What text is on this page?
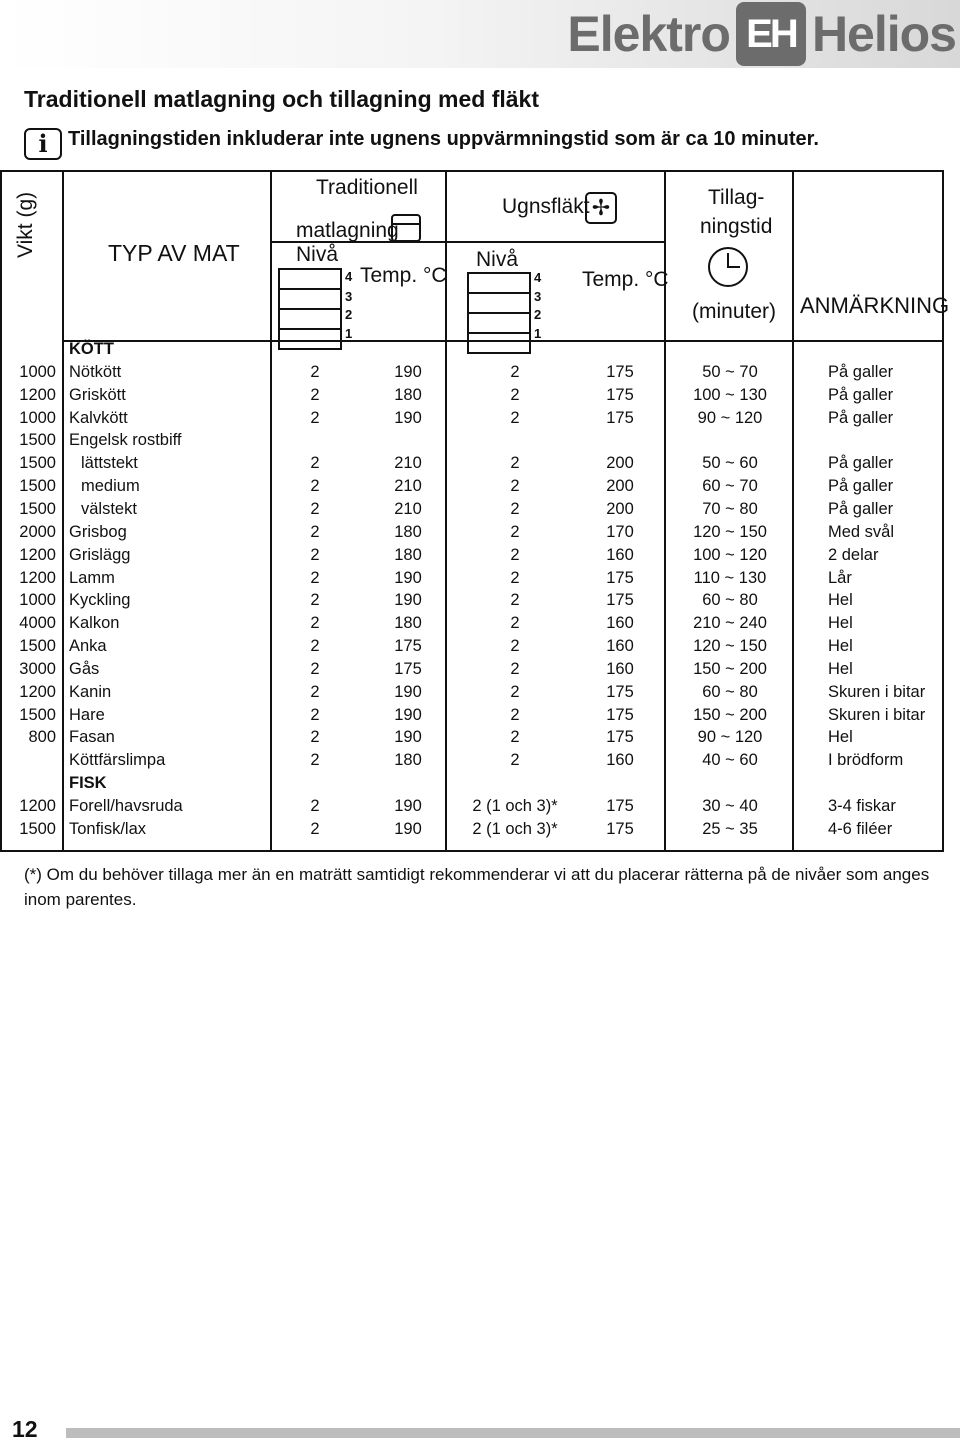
Elektro EH Helios
Traditionell matlagning och tillagning med fläkt
i	Tillagningstiden inkluderar inte ugnens uppvärmningstid som är ca 10 minuter.
Vikt (g)	TYP AV MAT
Traditionell
matlagning
Nivå
Temp. °C
4
3
2
1
Ugnsfläkt ✢
Nivå
Temp. °C
4
3
2
1
Tillag-
ningstid
(minuter) ANMÄRKNING
KÖTT
1000 Nötkött	2	190	2	175	50 ~ 70	På galler
1200 Griskött	2	180	2	175	100 ~ 130	På galler
1000 Kalvkött	2	190	2	175	90 ~ 120	På galler
1500 Engelsk rostbiff
1500 lättstekt	2	210	2	200	50 ~ 60	På galler
1500 medium	2	210	2	200	60 ~ 70	På galler
1500 välstekt	2	210	2	200	70 ~ 80	På galler
2000 Grisbog	2	180	2	170	120 ~ 150	Med svål
1200 Grislägg	2	180	2	160	100 ~ 120	2 delar
1200 Lamm	2	190	2	175	110 ~ 130	Lår
1000 Kyckling	2	190	2	175	60 ~ 80	Hel
4000 Kalkon	2	180	2	160	210 ~ 240	Hel
1500 Anka	2	175	2	160	120 ~ 150	Hel
3000 Gås	2	175	2	160	150 ~ 200	Hel
1200 Kanin	2	190	2	175	60 ~ 80	Skuren i bitar
1500 Hare	2	190	2	175	150 ~ 200	Skuren i bitar
800 Fasan	2	190	2	175	90 ~ 120	Hel
Köttfärslimpa	2	180	2	160	40 ~ 60	I brödform
FISK
1200 Forell/havsruda	2	190	2 (1 och 3)*	175	30 ~ 40	3-4 fiskar
1500 Tonfisk/lax	2	190	2 (1 och 3)*	175	25 ~ 35	4-6 filéer
(*) Om du behöver tillaga mer än en maträtt samtidigt rekommenderar vi att du placerar rätterna på de nivåer som anges inom parentes.
12
